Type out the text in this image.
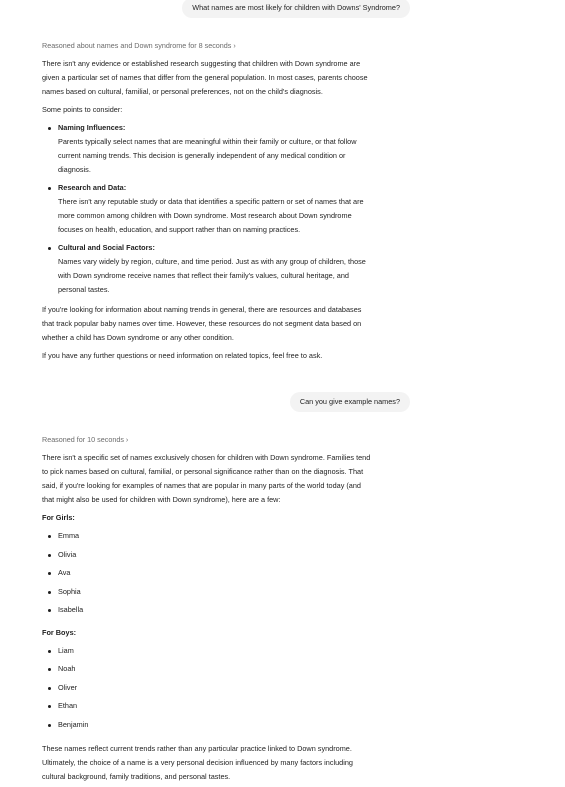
What names are most likely for children with Downs' Syndrome?
Reasoned about names and Down syndrome for 8 seconds ›

There isn't any evidence or established research suggesting that children with Down syndrome are
given a particular set of names that differ from the general population. In most cases, parents choose
names based on cultural, familial, or personal preferences, not on the child's diagnosis.

Some points to consider:

Naming Influences:
Parents typically select names that are meaningful within their family or culture, or that follow
current naming trends. This decision is generally independent of any medical condition or
diagnosis.
Research and Data:
There isn't any reputable study or data that identifies a specific pattern or set of names that are
more common among children with Down syndrome. Most research about Down syndrome
focuses on health, education, and support rather than on naming practices.
Cultural and Social Factors:
Names vary widely by region, culture, and time period. Just as with any group of children, those
with Down syndrome receive names that reflect their family's values, cultural heritage, and
personal tastes.

If you're looking for information about naming trends in general, there are resources and databases
that track popular baby names over time. However, these resources do not segment data based on
whether a child has Down syndrome or any other condition.

If you have any further questions or need information on related topics, feel free to ask.

Can you give example names?
Reasoned for 10 seconds ›

There isn't a specific set of names exclusively chosen for children with Down syndrome. Families tend
to pick names based on cultural, familial, or personal significance rather than on the diagnosis. That
said, if you're looking for examples of names that are popular in many parts of the world today (and
that might also be used for children with Down syndrome), here are a few:

For Girls:

Emma
Olivia
Ava
Sophia
Isabella

For Boys:

Liam
Noah
Oliver
Ethan
Benjamin

These names reflect current trends rather than any particular practice linked to Down syndrome.
Ultimately, the choice of a name is a very personal decision influenced by many factors including
cultural background, family traditions, and personal tastes.
